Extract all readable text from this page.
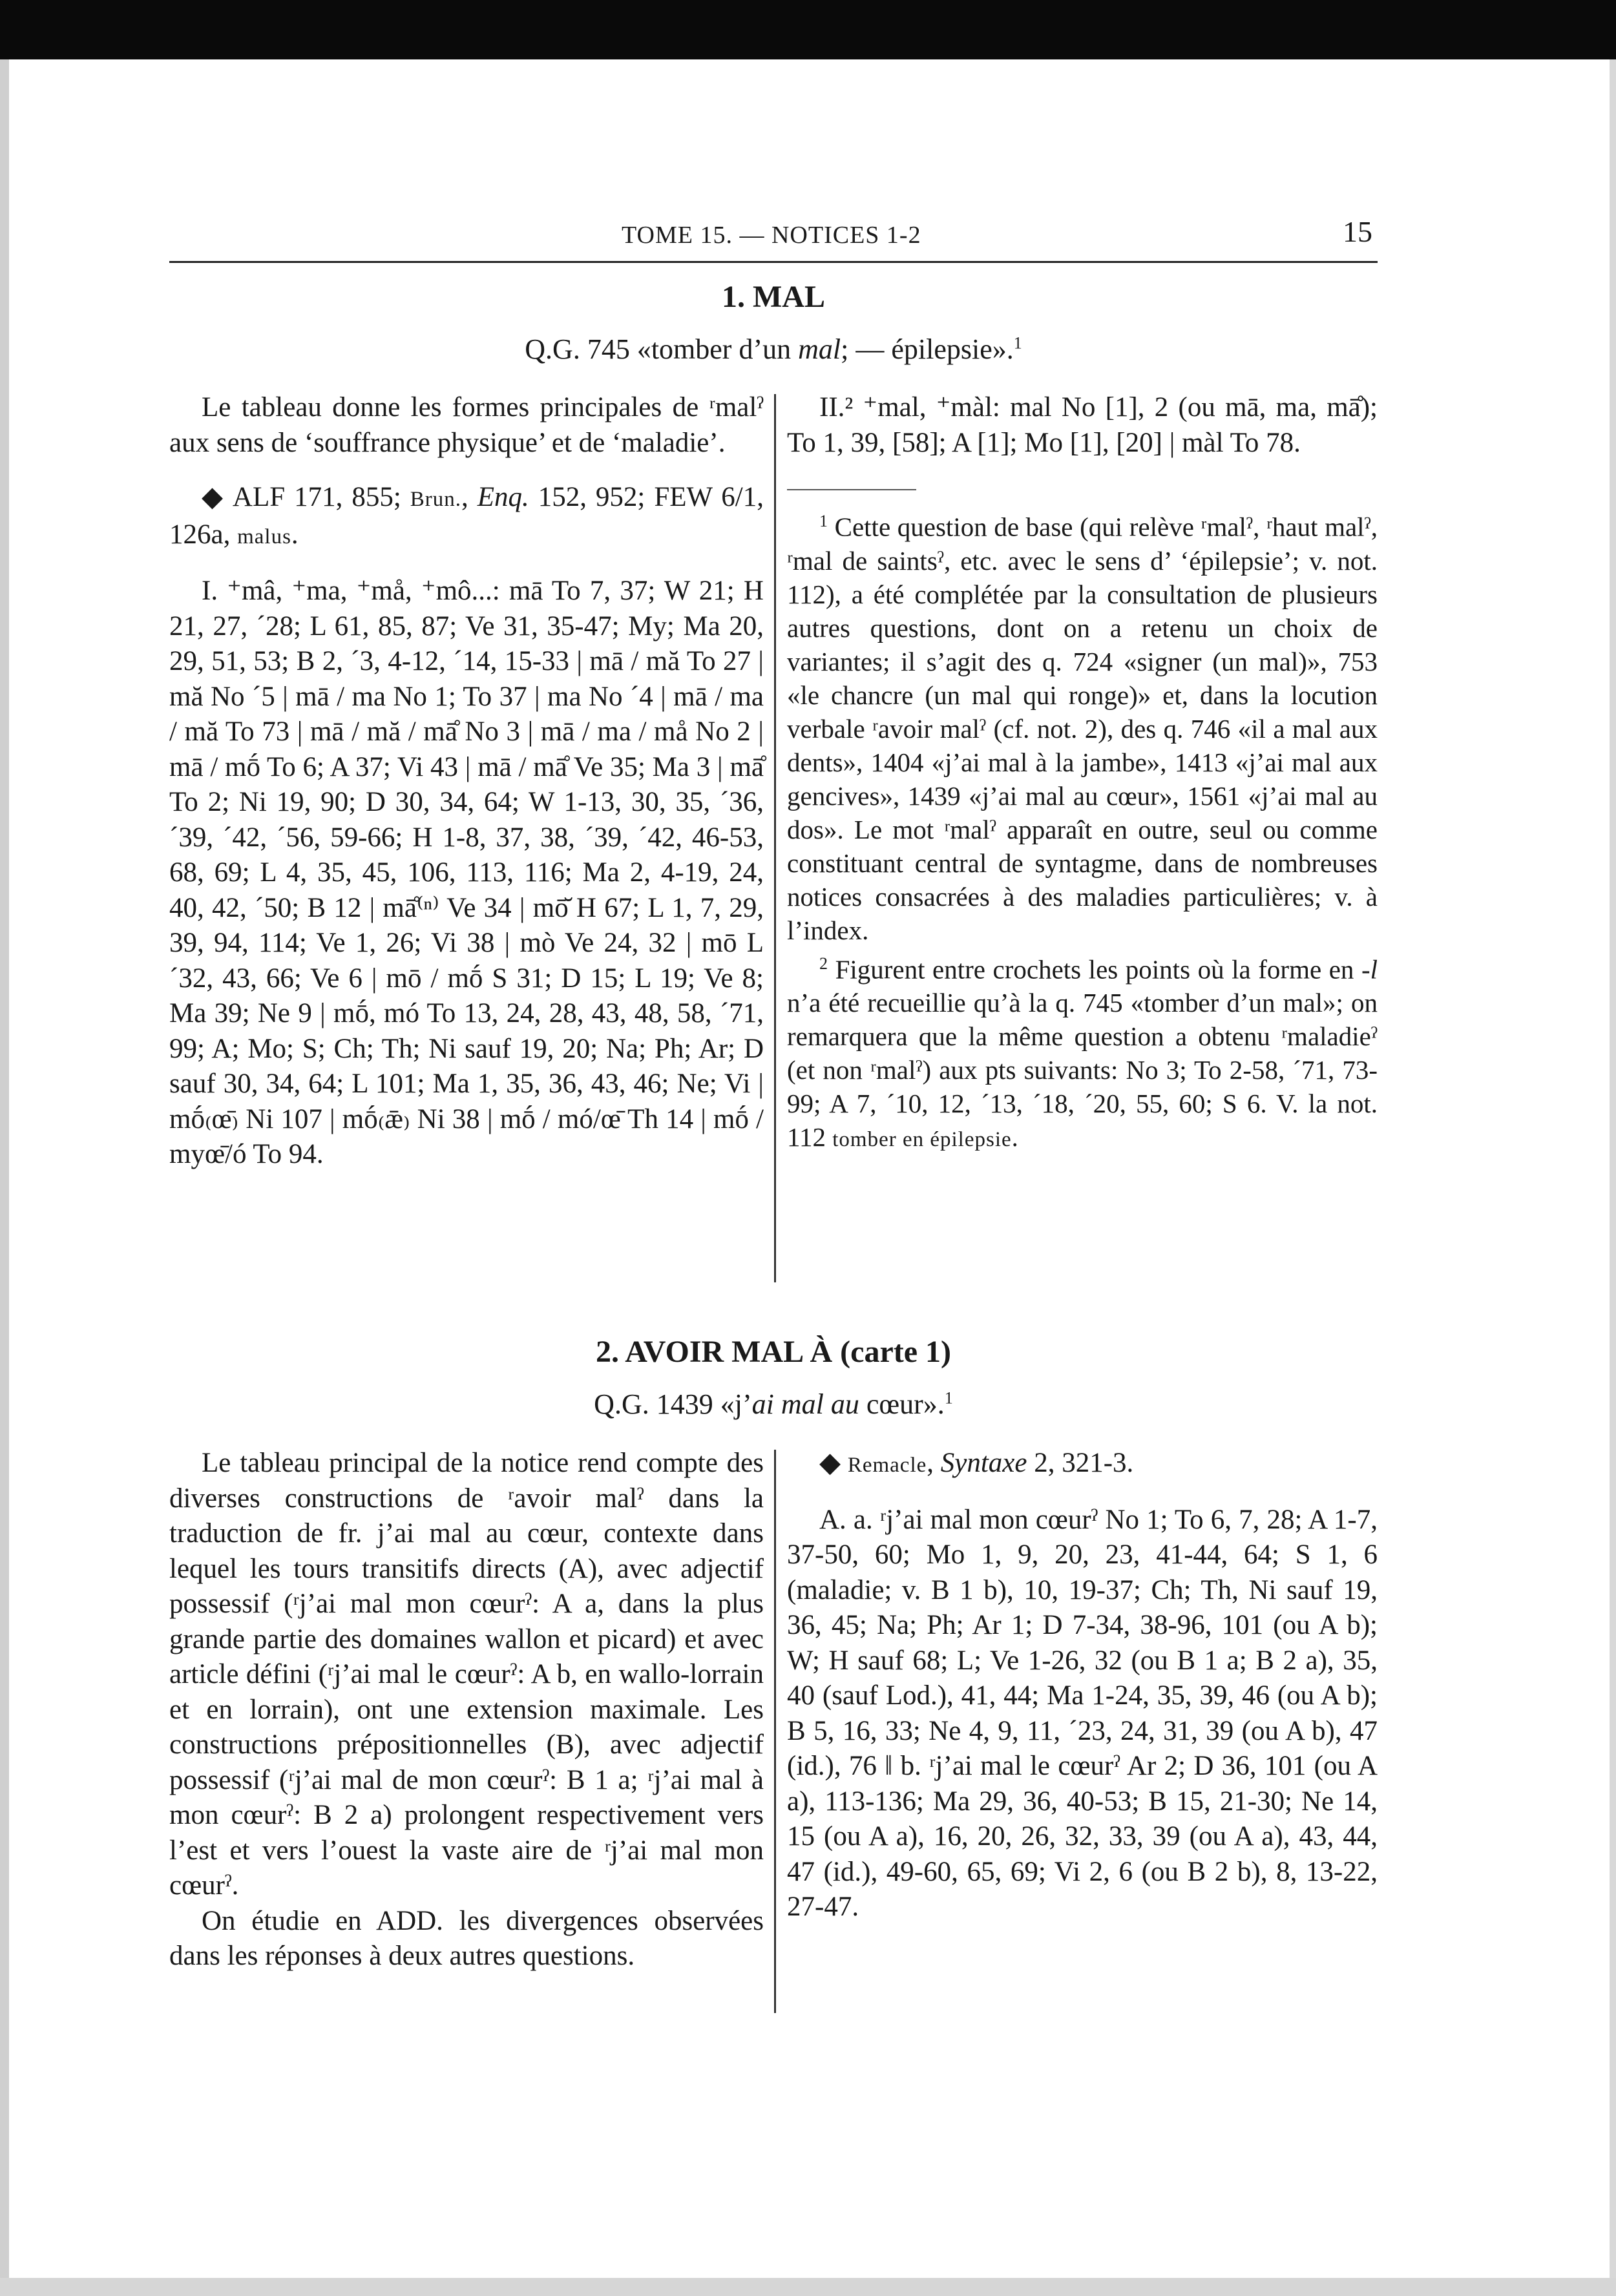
TOME 15. — NOTICES 1-2	15
1. MAL
Q.G. 745 «tomber d’un mal; — épilepsie».$^1$

Le tableau donne les formes principales de ʳmalˀ aux sens de ‘souffrance physique’ et de ‘maladie’.

◆ ALF 171, 855; Brun., Enq. 152, 952; FEW 6/1, 126a, malus.

I. ⁺mâ, ⁺ma, ⁺må, ⁺mô...: mā To 7, 37; W 21; H 21, 27, ´28; L 61, 85, 87; Ve 31, 35-47; My; Ma 20, 29, 51, 53; B 2, ´3, 4-12, ´14, 15-33 | mā / mă To 27 | mă No ´5 | mā / ma No 1; To 37 | ma No ´4 | mā / ma / mă To 73 | mā / mă / mā̊ No 3 | mā / ma / må No 2 | mā / mṓ To 6; A 37; Vi 43 | mā / mā̊ Ve 35; Ma 3 | mā̊ To 2; Ni 19, 90; D 30, 34, 64; W 1-13, 30, 35, ´36, ´39, ´42, ´56, 59-66; H 1-8, 37, 38, ´39, ´42, 46-53, 68, 69; L 4, 35, 45, 106, 113, 116; Ma 2, 4-19, 24, 40, 42, ´50; B 12 | mā̊⁽ⁿ⁾ Ve 34 | mō̆ H 67; L 1, 7, 29, 39, 94, 114; Ve 1, 26; Vi 38 | mò Ve 24, 32 | mō L ´32, 43, 66; Ve 6 | mō / mṓ S 31; D 15; L 19; Ve 8; Ma 39; Ne 9 | mṓ, mó To 13, 24, 28, 43, 48, 58, ´71, 99; A; Mo; S; Ch; Th; Ni sauf 19, 20; Na; Ph; Ar; D sauf 30, 34, 64; L 101; Ma 1, 35, 36, 43, 46; Ne; Vi | mṓ₍œ̄₎ Ni 107 | mṓ₍ǣ₎ Ni 38 | mṓ / mó/œ̄ Th 14 | mṓ / myœ̄/ó To 94.

II.² ⁺mal, ⁺màl: mal No [1], 2 (ou mā, ma, mā̊); To 1, 39, [58]; A [1]; Mo [1], [20] | màl To 78.

$^1$ Cette question de base (qui relève ʳmalˀ, ʳhaut malˀ, ʳmal de saintsˀ, etc. avec le sens d’ ‘épilepsie’; v. not. 112), a été complétée par la consultation de plusieurs autres questions, dont on a retenu un choix de variantes; il s’agit des q. 724 «signer (un mal)», 753 «le chancre (un mal qui ronge)» et, dans la locution verbale ʳavoir malˀ (cf. not. 2), des q. 746 «il a mal aux dents», 1404 «j’ai mal à la jambe», 1413 «j’ai mal aux gencives», 1439 «j’ai mal au cœur», 1561 «j’ai mal au dos». Le mot ʳmalˀ apparaît en outre, seul ou comme constituant central de syntagme, dans de nombreuses notices consacrées à des maladies particulières; v. à l’index.

$^2$ Figurent entre crochets les points où la forme en -l n’a été recueillie qu’à la q. 745 «tomber d’un mal»; on remarquera que la même question a obtenu ʳmaladieˀ (et non ʳmalˀ) aux pts suivants: No 3; To 2-58, ´71, 73-99; A 7, ´10, 12, ´13, ´18, ´20, 55, 60; S 6. V. la not. 112 tomber en épilepsie.

2. AVOIR MAL À (carte 1)
Q.G. 1439 «j’ai mal au cœur».$^1$

Le tableau principal de la notice rend compte des diverses constructions de ʳavoir malˀ dans la traduction de fr. j’ai mal au cœur, contexte dans lequel les tours transitifs directs (A), avec adjectif possessif (ʳj’ai mal mon cœurˀ: A a, dans la plus grande partie des domaines wallon et picard) et avec article défini (ʳj’ai mal le cœurˀ: A b, en wallo-lorrain et en lorrain), ont une extension maximale. Les constructions prépositionnelles (B), avec adjectif possessif (ʳj’ai mal de mon cœurˀ: B 1 a; ʳj’ai mal à mon cœurˀ: B 2 a) prolongent respectivement vers l’est et vers l’ouest la vaste aire de ʳj’ai mal mon cœurˀ.

On étudie en ADD. les divergences observées dans les réponses à deux autres questions.

◆ Remacle, Syntaxe 2, 321-3.

A. a. ʳj’ai mal mon cœurˀ No 1; To 6, 7, 28; A 1-7, 37-50, 60; Mo 1, 9, 20, 23, 41-44, 64; S 1, 6 (maladie; v. B 1 b), 10, 19-37; Ch; Th, Ni sauf 19, 36, 45; Na; Ph; Ar 1; D 7-34, 38-96, 101 (ou A b); W; H sauf 68; L; Ve 1-26, 32 (ou B 1 a; B 2 a), 35, 40 (sauf Lod.), 41, 44; Ma 1-24, 35, 39, 46 (ou A b); B 5, 16, 33; Ne 4, 9, 11, ´23, 24, 31, 39 (ou A b), 47 (id.), 76 ‖ b. ʳj’ai mal le cœurˀ Ar 2; D 36, 101 (ou A a), 113-136; Ma 29, 36, 40-53; B 15, 21-30; Ne 14, 15 (ou A a), 16, 20, 26, 32, 33, 39 (ou A a), 43, 44, 47 (id.), 49-60, 65, 69; Vi 2, 6 (ou B 2 b), 8, 13-22, 27-47.
